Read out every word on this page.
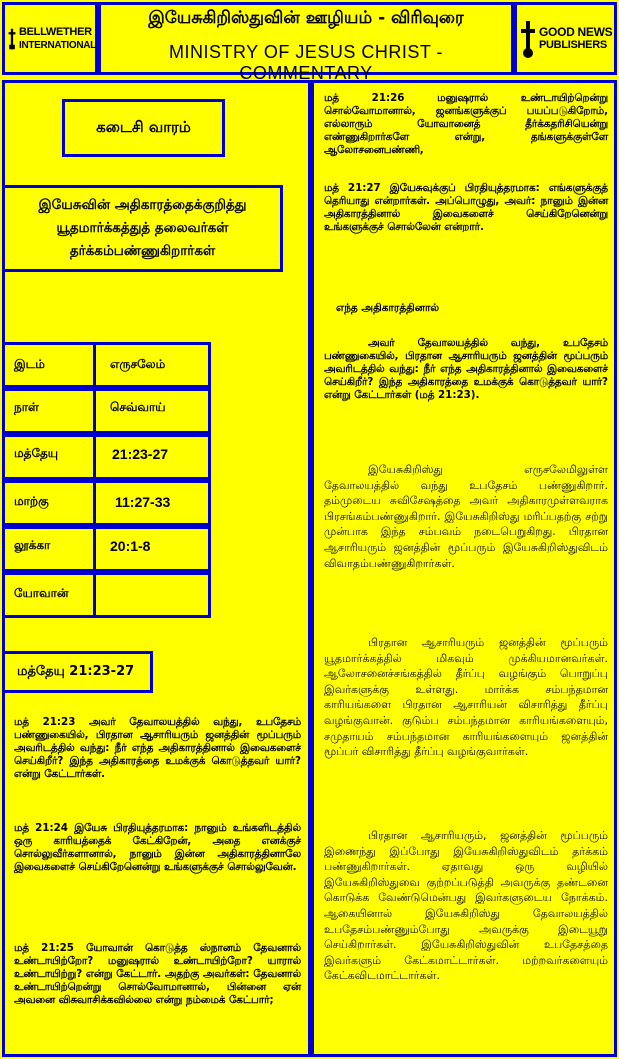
BELLWETHER
INTERNATIONAL
இயேசுகிறிஸ்துவின் ஊழியம் - விரிவுரை
MINISTRY OF JESUS CHRIST - COMMENTARY
GOOD NEWS
PUBLISHERS
கடைசி வாரம்
இயேசுவின் அதிகாரத்தைக்குறித்து யூதமார்க்கத்துத் தலைவர்கள் தர்க்கம்பண்ணுகிறார்கள்
இடம்	எருசலேம்
நாள்	செவ்வாய்
மத்தேயு	21:23-27
மாற்கு	11:27-33
லூக்கா	20:1-8
யோவான்
மத்தேயு 21:23-27

மத் 21:23 அவர் தேவாலயத்தில் வந்து, உபதேசம் பண்ணுகையில், பிரதான ஆசாரியரும் ஜனத்தின் மூப்பரும் அவரிடத்தில் வந்து: நீர் எந்த அதிகாரத்தினால் இவைகளைச் செய்கிறீர்? இந்த அதிகாரத்தை உமக்குக் கொடுத்தவர் யார்? என்று கேட்டார்கள்.

மத் 21:24 இயேசு பிரதியுத்தரமாக: நானும் உங்களிடத்தில் ஒரு காரியத்தைக் கேட்கிறேன், அதை எனக்குச் சொல்லுவீர்களானால், நானும் இன்ன அதிகாரத்தினாலே இவைகளைச் செய்கிறேனென்று உங்களுக்குச் சொல்லுவேன்.

மத் 21:25 யோவான் கொடுத்த ஸ்நானம் தேவனால் உண்டாயிற்றோ? மனுஷரால் உண்டாயிற்றோ? யாரால் உண்டாயிற்று? என்று கேட்டார். அதற்கு அவர்கள்: தேவனால் உண்டாயிற்றென்று சொல்வோமானால், பின்னை ஏன் அவனை விசுவாசிக்கவில்லை என்று நம்மைக் கேட்பார்;

மத் 21:26 மனுஷரால் உண்டாயிற்றென்று சொல்வோமானால், ஜனங்களுக்குப் பயப்படுகிறோம், எல்லாரும் யோவானைத் தீர்க்கதரிசியென்று எண்ணுகிறார்களே என்று, தங்களுக்குள்ளே ஆலோசனைபண்ணி,

மத் 21:27 இயேசுவுக்குப் பிரதியுத்தரமாக: எங்களுக்குத் தெரியாது என்றார்கள். அப்பொழுது, அவர்: நானும் இன்ன அதிகாரத்தினால் இவைகளைச் செய்கிறேனென்று உங்களுக்குச் சொல்லேன் என்றார்.

எந்த அதிகாரத்தினால்

அவர் தேவாலயத்தில் வந்து, உபதேசம் பண்ணுகையில், பிரதான ஆசாரியரும் ஜனத்தின் மூப்பரும் அவரிடத்தில் வந்து: நீர் எந்த அதிகாரத்தினால் இவைகளைச் செய்கிறீர்? இந்த அதிகாரத்தை உமக்குக் கொடுத்தவர் யார்? என்று கேட்டார்கள் (மத் 21:23).

இயேசுகிறிஸ்து எருசலேமிலுள்ள தேவாலயத்தில் வந்து உபதேசம் பண்ணுகிறார். தம்முடைய சுவிசேஷத்தை அவர் அதிகாரமுள்ளவராக பிரசங்கம்பண்ணுகிறார். இயேசுகிறிஸ்து மரிப்பதற்கு சற்று முன்பாக இந்த சம்பவம் நடைபெறுகிறது. பிரதான ஆசாரியரும் ஜனத்தின் மூப்பரும் இயேசுகிறிஸ்துவிடம் விவாதம்பண்ணுகிறார்கள்.

பிரதான ஆசாரியரும் ஜனத்தின் மூப்பரும் யூதமார்க்கத்தில் மிகவும் முக்கியமானவர்கள். ஆலோசனைச்சங்கத்தில் தீர்ப்பு வழங்கும் பொறுப்பு இவர்களுக்கு உள்ளது. மார்க்க சம்பந்தமான காரியங்களை பிரதான ஆசாரியன் விசாரித்து தீர்ப்பு வழங்குவான். குடும்ப சம்பந்தமான காரியங்களையும், சமுதாயம் சம்பந்தமான காரியங்களையும் ஜனத்தின் மூப்பர் விசாரித்து தீர்ப்பு வழங்குவார்கள்.

பிரதான ஆசாரியரும், ஜனத்தின் மூப்பரும் இணைந்து இப்போது இயேசுகிறிஸ்துவிடம் தர்க்கம் பண்ணுகிறார்கள். ஏதாவது ஒரு வழியில் இயேசுகிறிஸ்துவை குற்றப்படுத்தி அவருக்கு தண்டனை கொடுக்க வேண்டுமென்பது இவர்களுடைய நோக்கம். ஆகையினால் இயேசுகிறிஸ்து தேவாலயத்தில் உபதேசம்பண்ணும்போது அவருக்கு இடையூறு செய்கிறார்கள். இயேசுகிறிஸ்துவின் உபதேசத்தை இவர்களும் கேட்கமாட்டார்கள். மற்றவர்களையும் கேட்கவிடமாட்டார்கள்.
